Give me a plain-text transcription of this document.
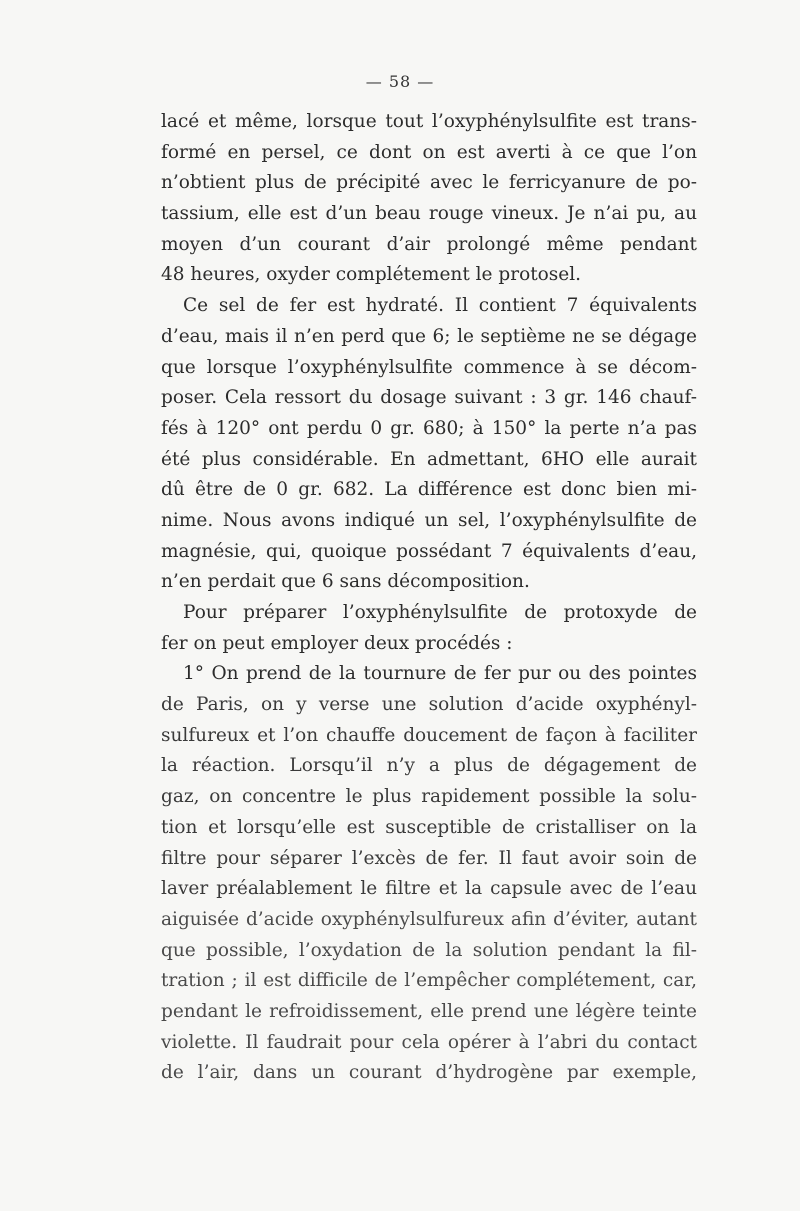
— 58 —
lacé et même, lorsque tout l’oxyphénylsulfite est trans-
formé en persel, ce dont on est averti à ce que l’on
n’obtient plus de précipité avec le ferricyanure de po-
tassium, elle est d’un beau rouge vineux. Je n’ai pu, au
moyen d’un courant d’air prolongé même pendant
48 heures, oxyder complétement le protosel.
Ce sel de fer est hydraté. Il contient 7 équivalents
d’eau, mais il n’en perd que 6; le septième ne se dégage
que lorsque l’oxyphénylsulfite commence à se décom-
poser. Cela ressort du dosage suivant : 3 gr. 146 chauf-
fés à 120° ont perdu 0 gr. 680; à 150° la perte n’a pas
été plus considérable. En admettant, 6HO elle aurait
dû être de 0 gr. 682. La différence est donc bien mi-
nime. Nous avons indiqué un sel, l’oxyphénylsulfite de
magnésie, qui, quoique possédant 7 équivalents d’eau,
n’en perdait que 6 sans décomposition.
Pour préparer l’oxyphénylsulfite de protoxyde de
fer on peut employer deux procédés :
1° On prend de la tournure de fer pur ou des pointes
de Paris, on y verse une solution d’acide oxyphényl-
sulfureux et l’on chauffe doucement de façon à faciliter
la réaction. Lorsqu’il n’y a plus de dégagement de
gaz, on concentre le plus rapidement possible la solu-
tion et lorsqu’elle est susceptible de cristalliser on la
filtre pour séparer l’excès de fer. Il faut avoir soin de
laver préalablement le filtre et la capsule avec de l’eau
aiguisée d’acide oxyphénylsulfureux afin d’éviter, autant
que possible, l’oxydation de la solution pendant la fil-
tration ; il est difficile de l’empêcher complétement, car,
pendant le refroidissement, elle prend une légère teinte
violette. Il faudrait pour cela opérer à l’abri du contact
de l’air, dans un courant d’hydrogène par exemple,
